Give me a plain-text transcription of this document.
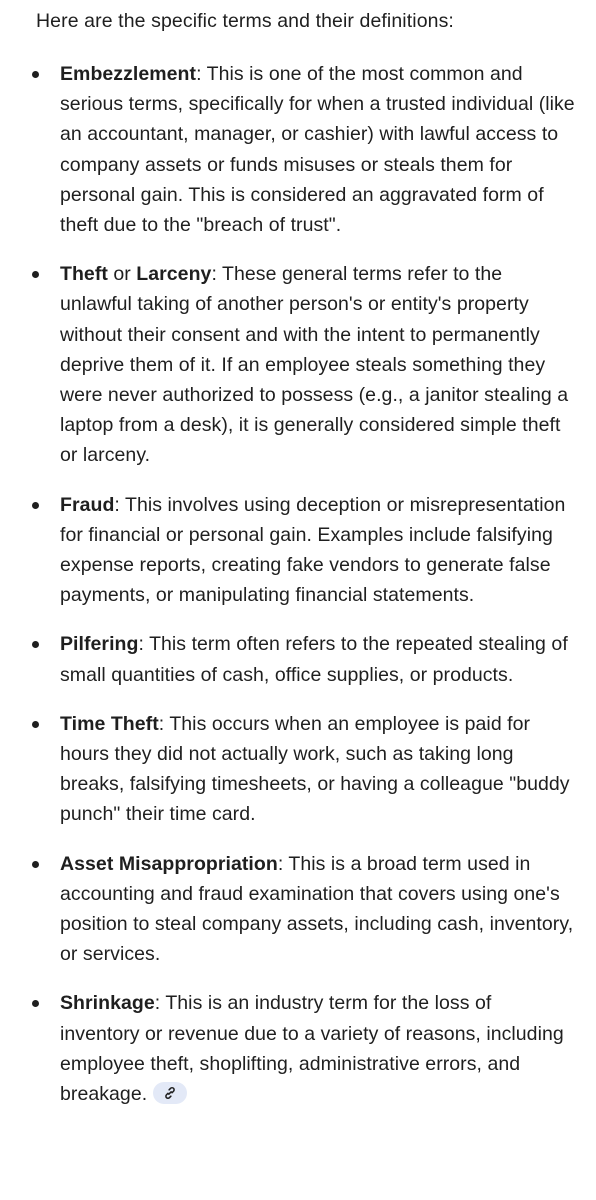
Here are the specific terms and their definitions:

Embezzlement: This is one of the most common and serious terms, specifically for when a trusted individual (like an accountant, manager, or cashier) with lawful access to company assets or funds misuses or steals them for personal gain. This is considered an aggravated form of theft due to the "breach of trust".
Theft or Larceny: These general terms refer to the unlawful taking of another person's or entity's property without their consent and with the intent to permanently deprive them of it. If an employee steals something they were never authorized to possess (e.g., a janitor stealing a laptop from a desk), it is generally considered simple theft or larceny.
Fraud: This involves using deception or misrepresentation for financial or personal gain. Examples include falsifying expense reports, creating fake vendors to generate false payments, or manipulating financial statements.
Pilfering: This term often refers to the repeated stealing of small quantities of cash, office supplies, or products.
Time Theft: This occurs when an employee is paid for hours they did not actually work, such as taking long breaks, falsifying timesheets, or having a colleague "buddy punch" their time card.
Asset Misappropriation: This is a broad term used in accounting and fraud examination that covers using one's position to steal company assets, including cash, inventory, or services.
Shrinkage: This is an industry term for the loss of inventory or revenue due to a variety of reasons, including employee theft, shoplifting, administrative errors, and breakage.
